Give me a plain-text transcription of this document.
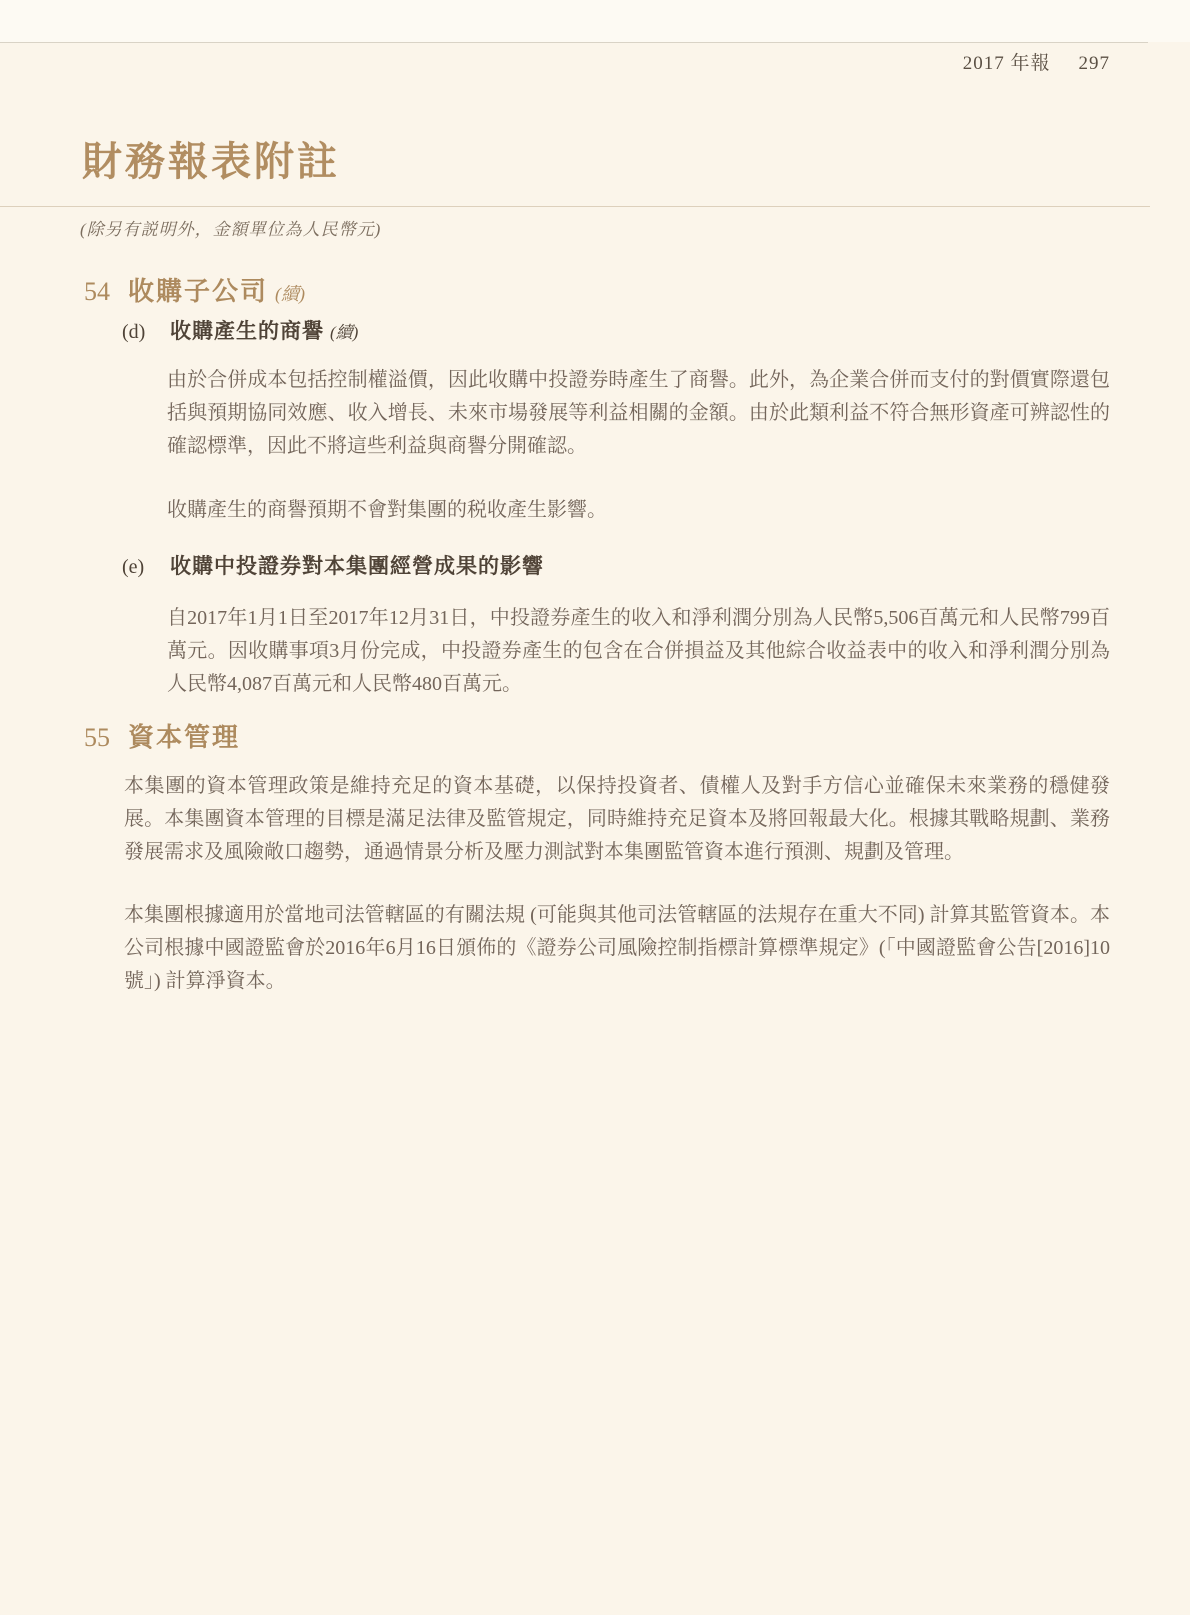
2017 年報 297
財務報表附註

(除另有説明外，金額單位為人民幣元)

54 收購子公司 (續)
(d) 收購產生的商譽 (續)

由於合併成本包括控制權溢價，因此收購中投證券時產生了商譽。此外，為企業合併而支付的對價實際還包括與預期協同效應、收入增長、未來市場發展等利益相關的金額。由於此類利益不符合無形資產可辨認性的確認標準，因此不將這些利益與商譽分開確認。

收購產生的商譽預期不會對集團的税收產生影響。

(e) 收購中投證券對本集團經營成果的影響

自2017年1月1日至2017年12月31日，中投證券產生的收入和淨利潤分別為人民幣5,506百萬元和人民幣799百萬元。因收購事項3月份完成，中投證券產生的包含在合併損益及其他綜合收益表中的收入和淨利潤分別為人民幣4,087百萬元和人民幣480百萬元。

55 資本管理

本集團的資本管理政策是維持充足的資本基礎，以保持投資者、債權人及對手方信心並確保未來業務的穩健發展。本集團資本管理的目標是滿足法律及監管規定，同時維持充足資本及將回報最大化。根據其戰略規劃、業務發展需求及風險敞口趨勢，通過情景分析及壓力測試對本集團監管資本進行預測、規劃及管理。

本集團根據適用於當地司法管轄區的有關法規 (可能與其他司法管轄區的法規存在重大不同) 計算其監管資本。本公司根據中國證監會於2016年6月16日頒佈的《證券公司風險控制指標計算標準規定》(「中國證監會公告[2016]10號」) 計算淨資本。
